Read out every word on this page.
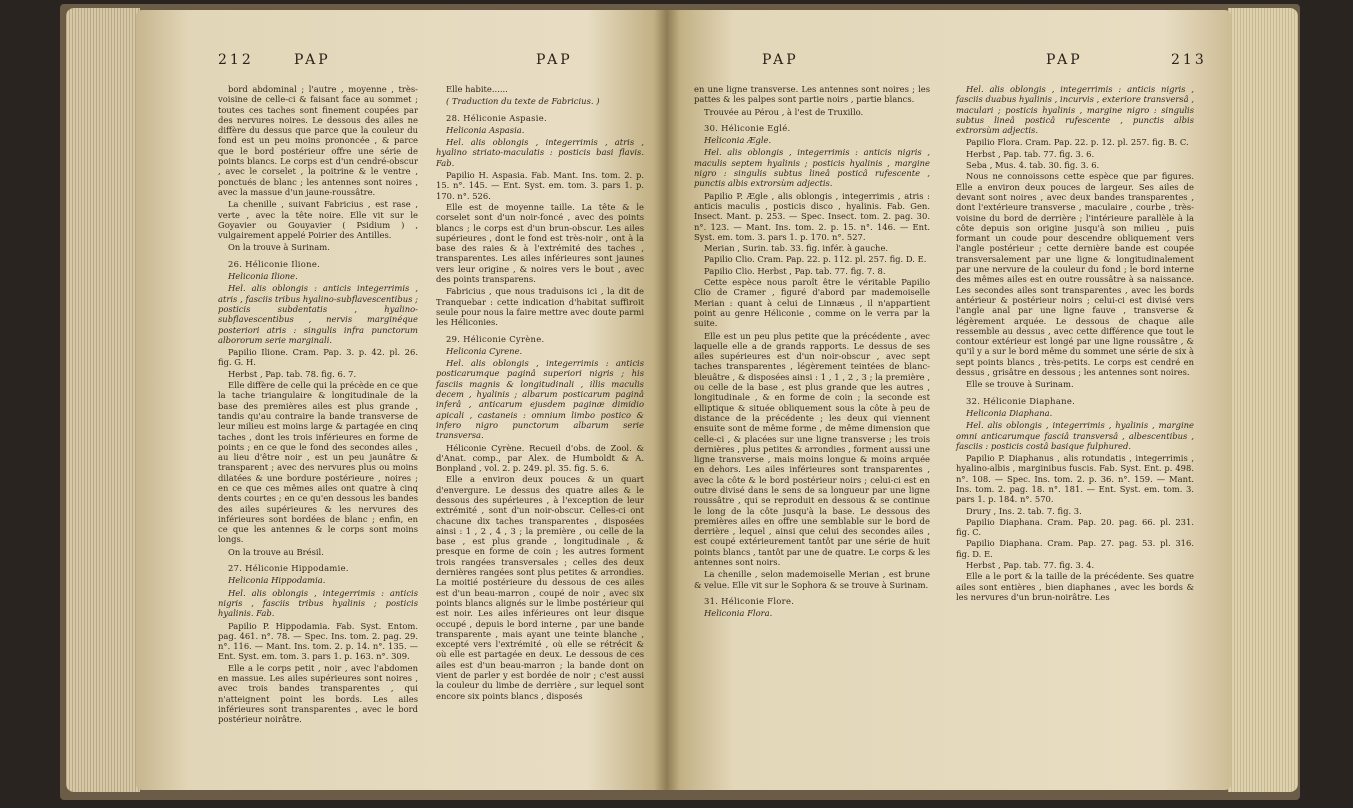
212	PAP	PAP

bord abdominal ; l'autre , moyenne , très-voisine de celle-ci & faisant face au sommet ; toutes ces taches sont finement coupées par des nervures noires. Le dessous des ailes ne diffère du dessus que parce que la couleur du fond est un peu moins prononcée , & parce que le bord postérieur offre une série de points blancs. Le corps est d'un cendré-obscur , avec le corselet , la poitrine & le ventre , ponctués de blanc ; les antennes sont noires , avec la massue d'un jaune-roussâtre.

La chenille , suivant Fabricius , est rase , verte , avec la tête noire. Elle vit sur le Goyavier ou Gouyavier ( Psidium ) , vulgairement appelé Poirier des Antilles.

On la trouve à Surinam.

26. Héliconie Ilione.

Heliconia Ilione.

Hel. alis oblongis : anticis integerrimis , atris , fasciis tribus hyalino-subflavescentibus ; posticis subdentatis , hyalino-subflavescentibus , nervis marginéque posteriori atris : singulis infra punctorum albororum serie marginali.

Papilio Ilione. Cram. Pap. 3. p. 42. pl. 26. fig. G. H.

Herbst , Pap. tab. 78. fig. 6. 7.

Elle diffère de celle qui la précède en ce que la tache triangulaire & longitudinale de la base des premières ailes est plus grande , tandis qu'au contraire la bande transverse de leur milieu est moins large & partagée en cinq taches , dont les trois inférieures en forme de points ; en ce que le fond des secondes ailes , au lieu d'être noir , est un peu jaunâtre & transparent ; avec des nervures plus ou moins dilatées & une bordure postérieure , noires ; en ce que ces mêmes ailes ont quatre à cinq dents courtes ; en ce qu'en dessous les bandes des ailes supérieures & les nervures des inférieures sont bordées de blanc ; enfin, en ce que les antennes & le corps sont moins longs.

On la trouve au Brésil.

27. Héliconie Hippodamie.

Heliconia Hippodamia.

Hel. alis oblongis , integerrimis : anticis nigris , fasciis tribus hyalinis ; posticis hyalinis. Fab.

Papilio P. Hippodamia. Fab. Syst. Entom. pag. 461. n°. 78. — Spec. Ins. tom. 2. pag. 29. n°. 116. — Mant. Ins. tom. 2. p. 14. n°. 135. — Ent. Syst. em. tom. 3. pars 1. p. 163. n°. 309.

Elle a le corps petit , noir , avec l'abdomen en massue. Les ailes supérieures sont noires , avec trois bandes transparentes , qui n'atteignent point les bords. Les ailes inférieures sont transparentes , avec le bord postérieur noirâtre.

Elle habite......

( Traduction du texte de Fabricius. )

28. Héliconie Aspasie.

Heliconia Aspasia.

Hel. alis oblongis , integerrimis , atris , hyalino striato-maculatis : posticis basi flavis. Fab.

Papilio H. Aspasia. Fab. Mant. Ins. tom. 2. p. 15. n°. 145. — Ent. Syst. em. tom. 3. pars 1. p. 170. n°. 526.

Elle est de moyenne taille. La tête & le corselet sont d'un noir-foncé , avec des points blancs ; le corps est d'un brun-obscur. Les ailes supérieures , dont le fond est très-noir , ont à la base des raies & à l'extrémité des taches , transparentes. Les ailes inférieures sont jaunes vers leur origine , & noires vers le bout , avec des points transparens.

Fabricius , que nous traduisons ici , la dit de Tranquebar : cette indication d'habitat suffiroit seule pour nous la faire mettre avec doute parmi les Héliconies.

29. Héliconie Cyrène.

Heliconia Cyrene.

Hel. alis oblongis , integerrimis : anticis posticarumque paginâ superiori nigris ; his fasciis magnis & longitudinali , illis maculis decem , hyalinis ; albarum posticarum paginâ inferâ , anticarum ejusdem paginæ dimidio apicali , castaneis : omnium limbo postico & infero nigro punctorum albarum serie transversa.

Héliconie Cyrène. Recueil d'obs. de Zool. & d'Anat. comp., par Alex. de Humboldt & A. Bonpland , vol. 2. p. 249. pl. 35. fig. 5. 6.

Elle a environ deux pouces & un quart d'envergure. Le dessus des quatre ailes & le dessous des supérieures , à l'exception de leur extrémité , sont d'un noir-obscur. Celles-ci ont chacune dix taches transparentes , disposées ainsi : 1 , 2 , 4 , 3 ; la première , ou celle de la base , est plus grande , longitudinale , & presque en forme de coin ; les autres forment trois rangées transversales ; celles des deux dernières rangées sont plus petites & arrondies. La moitié postérieure du dessous de ces ailes est d'un beau-marron , coupé de noir , avec six points blancs alignés sur le limbe postérieur qui est noir. Les ailes inférieures ont leur disque occupé , depuis le bord interne , par une bande transparente , mais ayant une teinte blanche , excepté vers l'extrémité , où elle se rétrécit & où elle est partagée en deux. Le dessous de ces ailes est d'un beau-marron ; la bande dont on vient de parler y est bordée de noir ; c'est aussi la couleur du limbe de derrière , sur lequel sont encore six points blancs , disposés

PAP	PAP	213

en une ligne transverse. Les antennes sont noires ; les pattes & les palpes sont partie noirs , partie blancs.

Trouvée au Pérou , à l'est de Truxillo.

30. Héliconie Eglé.

Heliconia Ægle.

Hel. alis oblongis , integerrimis : anticis nigris , maculis septem hyalinis ; posticis hyalinis , margine nigro : singulis subtus lineâ posticâ rufescente , punctis albis extrorsùm adjectis.

Papilio P. Ægle , alis oblongis , integerrimis , atris : anticis maculis , posticis disco , hyalinis. Fab. Gen. Insect. Mant. p. 253. — Spec. Insect. tom. 2. pag. 30. n°. 123. — Mant. Ins. tom. 2. p. 15. n°. 146. — Ent. Syst. em. tom. 3. pars 1. p. 170. n°. 527.

Merian , Surin. tab. 33. fig. infér. à gauche.

Papilio Clio. Cram. Pap. 22. p. 112. pl. 257. fig. D. E.

Papilio Clio. Herbst , Pap. tab. 77. fig. 7. 8.

Cette espèce nous paroît être le véritable Papilio Clio de Cramer , figuré d'abord par mademoiselle Merian : quant à celui de Linnæus , il n'appartient point au genre Héliconie , comme on le verra par la suite.

Elle est un peu plus petite que la précédente , avec laquelle elle a de grands rapports. Le dessus de ses ailes supérieures est d'un noir-obscur , avec sept taches transparentes , légèrement teintées de blanc-bleuâtre , & disposées ainsi : 1 , 1 , 2 , 3 ; la première , ou celle de la base , est plus grande que les autres , longitudinale , & en forme de coin ; la seconde est elliptique & située obliquement sous la côte à peu de distance de la précédente ; les deux qui viennent ensuite sont de même forme , de même dimension que celle-ci , & placées sur une ligne transverse ; les trois dernières , plus petites & arrondies , forment aussi une ligne transverse , mais moins longue & moins arquée en dehors. Les ailes inférieures sont transparentes , avec la côte & le bord postérieur noirs ; celui-ci est en outre divisé dans le sens de sa longueur par une ligne roussâtre , qui se reproduit en dessous & se continue le long de la côte jusqu'à la base. Le dessous des premières ailes en offre une semblable sur le bord de derrière , lequel , ainsi que celui des secondes ailes , est coupé extérieurement tantôt par une série de huit points blancs , tantôt par une de quatre. Le corps & les antennes sont noirs.

La chenille , selon mademoiselle Merian , est brune & velue. Elle vit sur le Sophora & se trouve à Surinam.

31. Héliconie Flore.

Heliconia Flora.

Hel. alis oblongis , integerrimis : anticis nigris , fasciis duabus hyalinis , incurvis , exteriore transversâ , maculari ; posticis hyalinis , margine nigro : singulis subtus lineâ posticâ rufescente , punctis albis extrorsùm adjectis.

Papilio Flora. Cram. Pap. 22. p. 12. pl. 257. fig. B. C.

Herbst , Pap. tab. 77. fig. 3. 6.

Seba , Mus. 4. tab. 30. fig. 3. 6.

Nous ne connoissons cette espèce que par figures. Elle a environ deux pouces de largeur. Ses ailes de devant sont noires , avec deux bandes transparentes , dont l'extérieure transverse , maculaire , courbe , très-voisine du bord de derrière ; l'intérieure parallèle à la côte depuis son origine jusqu'à son milieu , puis formant un coude pour descendre obliquement vers l'angle postérieur ; cette dernière bande est coupée transversalement par une ligne & longitudinalement par une nervure de la couleur du fond ; le bord interne des mêmes ailes est en outre roussâtre à sa naissance. Les secondes ailes sont transparentes , avec les bords antérieur & postérieur noirs ; celui-ci est divisé vers l'angle anal par une ligne fauve , transverse & légèrement arquée. Le dessous de chaque aile ressemble au dessus , avec cette différence que tout le contour extérieur est longé par une ligne roussâtre , & qu'il y a sur le bord même du sommet une série de six à sept points blancs , très-petits. Le corps est cendré en dessus , grisâtre en dessous ; les antennes sont noires.

Elle se trouve à Surinam.

32. Héliconie Diaphane.

Heliconia Diaphana.

Hel. alis oblongis , integerrimis , hyalinis , margine omni anticarumque fasciâ transversâ , albescentibus , fasciis : posticis costâ basique fulphured.

Papilio P. Diaphanus , alis rotundatis , integerrimis , hyalino-albis , marginibus fuscis. Fab. Syst. Ent. p. 498. n°. 108. — Spec. Ins. tom. 2. p. 36. n°. 159. — Mant. Ins. tom. 2. pag. 18. n°. 181. — Ent. Syst. em. tom. 3. pars 1. p. 184. n°. 570.

Drury , Ins. 2. tab. 7. fig. 3.

Papilio Diaphana. Cram. Pap. 20. pag. 66. pl. 231. fig. C.

Papilio Diaphana. Cram. Pap. 27. pag. 53. pl. 316. fig. D. E.

Herbst , Pap. tab. 77. fig. 3. 4.

Elle a le port & la taille de la précédente. Ses quatre ailes sont entières , bien diaphanes , avec les bords & les nervures d'un brun-noirâtre. Les
